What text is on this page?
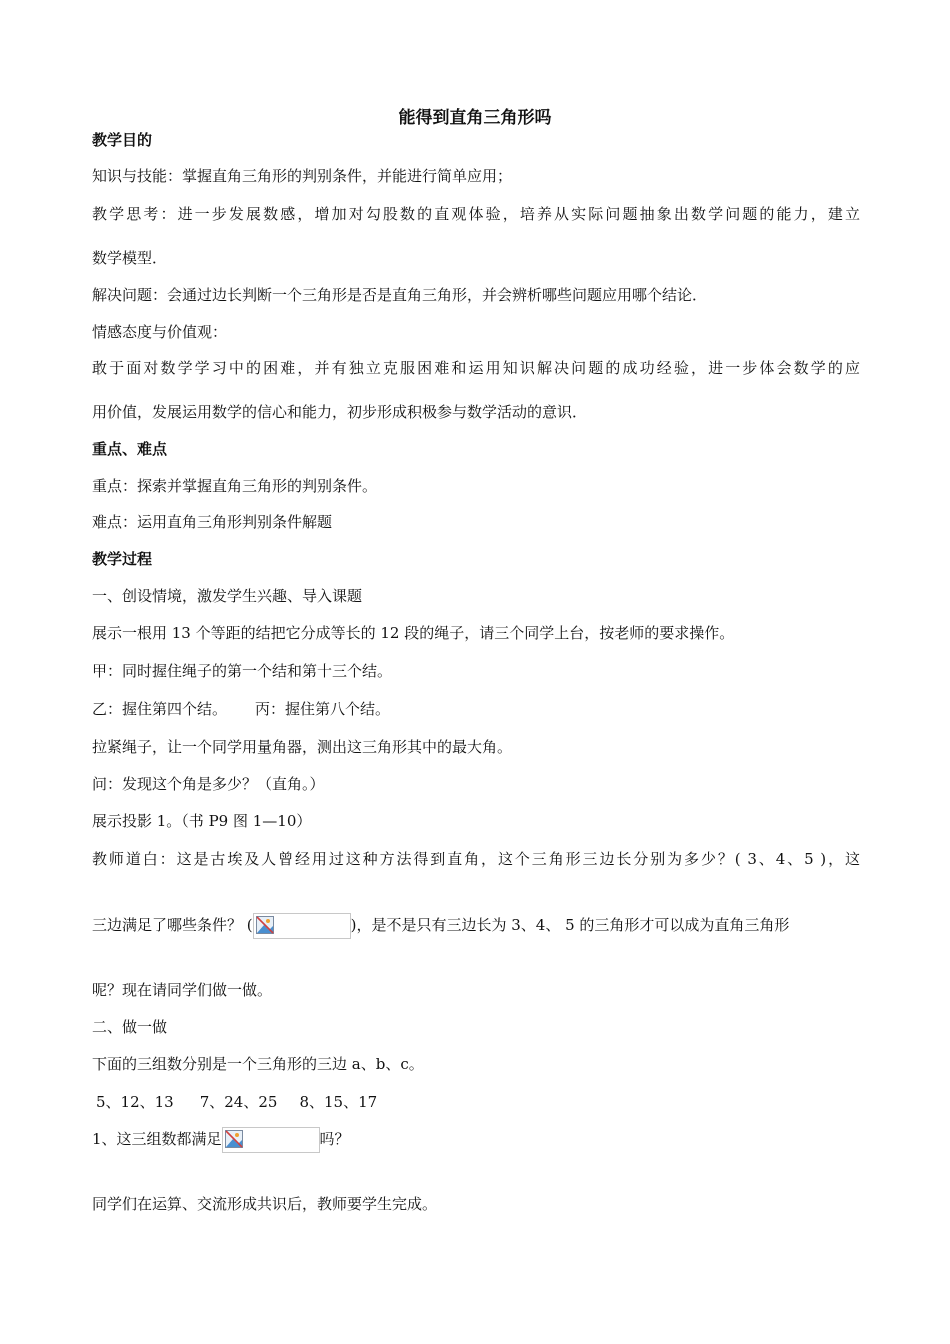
能得到直角三角形吗
教学目的
知识与技能：掌握直角三角形的判别条件，并能进行简单应用；
教学思考：进一步发展数感，增加对勾股数的直观体验，培养从实际问题抽象出数学问题的能力，建立
数学模型．
解决问题：会通过边长判断一个三角形是否是直角三角形，并会辨析哪些问题应用哪个结论．
情感态度与价值观：
敢于面对数学学习中的困难，并有独立克服困难和运用知识解决问题的成功经验，进一步体会数学的应
用价值，发展运用数学的信心和能力，初步形成积极参与数学活动的意识．
重点、难点
重点：探索并掌握直角三角形的判别条件。
难点：运用直角三角形判别条件解题
教学过程
一、创设情境，激发学生兴趣、导入课题
展示一根用 13 个等距的结把它分成等长的 12 段的绳子，请三个同学上台，按老师的要求操作。
甲：同时握住绳子的第一个结和第十三个结。
乙：握住第四个结。 丙：握住第八个结。
拉紧绳子，让一个同学用量角器，测出这三角形其中的最大角。
问：发现这个角是多少？（直角。）
展示投影 1。（书 P9 图 1—10）
教师道白：这是古埃及人曾经用过这种方法得到直角，这个三角形三边长分别为多少？( 3、4、5 )，这
三边满足了哪些条件？ (	)，是不是只有三边长为 3、4、 5 的三角形才可以成为直角三角形
呢？现在请同学们做一做。
二、做一做
下面的三组数分别是一个三角形的三边 a、b、c。
5、12、13 7、24、25 8、15、17
1、这三组数都满足	吗？
同学们在运算、交流形成共识后，教师要学生完成。
